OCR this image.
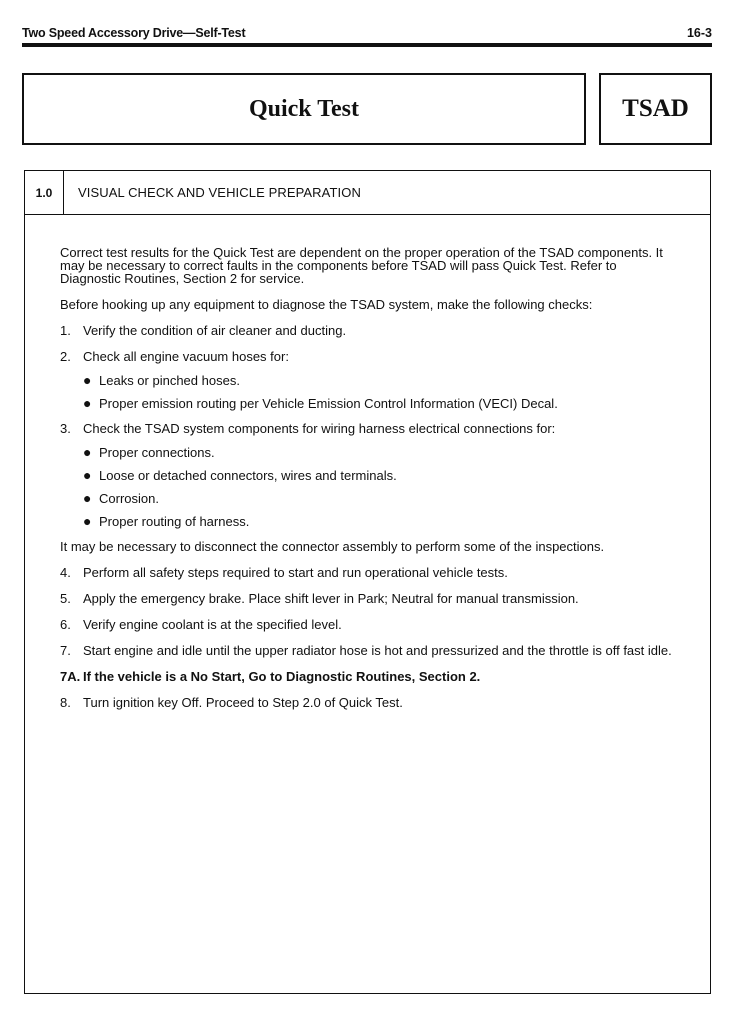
Two Speed Accessory Drive—Self-Test	16-3
Quick Test	TSAD
1.0	VISUAL CHECK AND VEHICLE PREPARATION

Correct test results for the Quick Test are dependent on the proper operation of the TSAD components. It may be necessary to correct faults in the components before TSAD will pass Quick Test. Refer to Diagnostic Routines, Section 2 for service.

Before hooking up any equipment to diagnose the TSAD system, make the following checks:

1. Verify the condition of air cleaner and ducting.
2. Check all engine vacuum hoses for:
● Leaks or pinched hoses.
● Proper emission routing per Vehicle Emission Control Information (VECI) Decal.
3. Check the TSAD system components for wiring harness electrical connections for:
● Proper connections.
● Loose or detached connectors, wires and terminals.
● Corrosion.
● Proper routing of harness.

It may be necessary to disconnect the connector assembly to perform some of the inspections.

4. Perform all safety steps required to start and run operational vehicle tests.
5. Apply the emergency brake. Place shift lever in Park; Neutral for manual transmission.
6. Verify engine coolant is at the specified level.
7. Start engine and idle until the upper radiator hose is hot and pressurized and the throttle is off fast idle.
7A. If the vehicle is a No Start, Go to Diagnostic Routines, Section 2.
8. Turn ignition key Off. Proceed to Step 2.0 of Quick Test.
